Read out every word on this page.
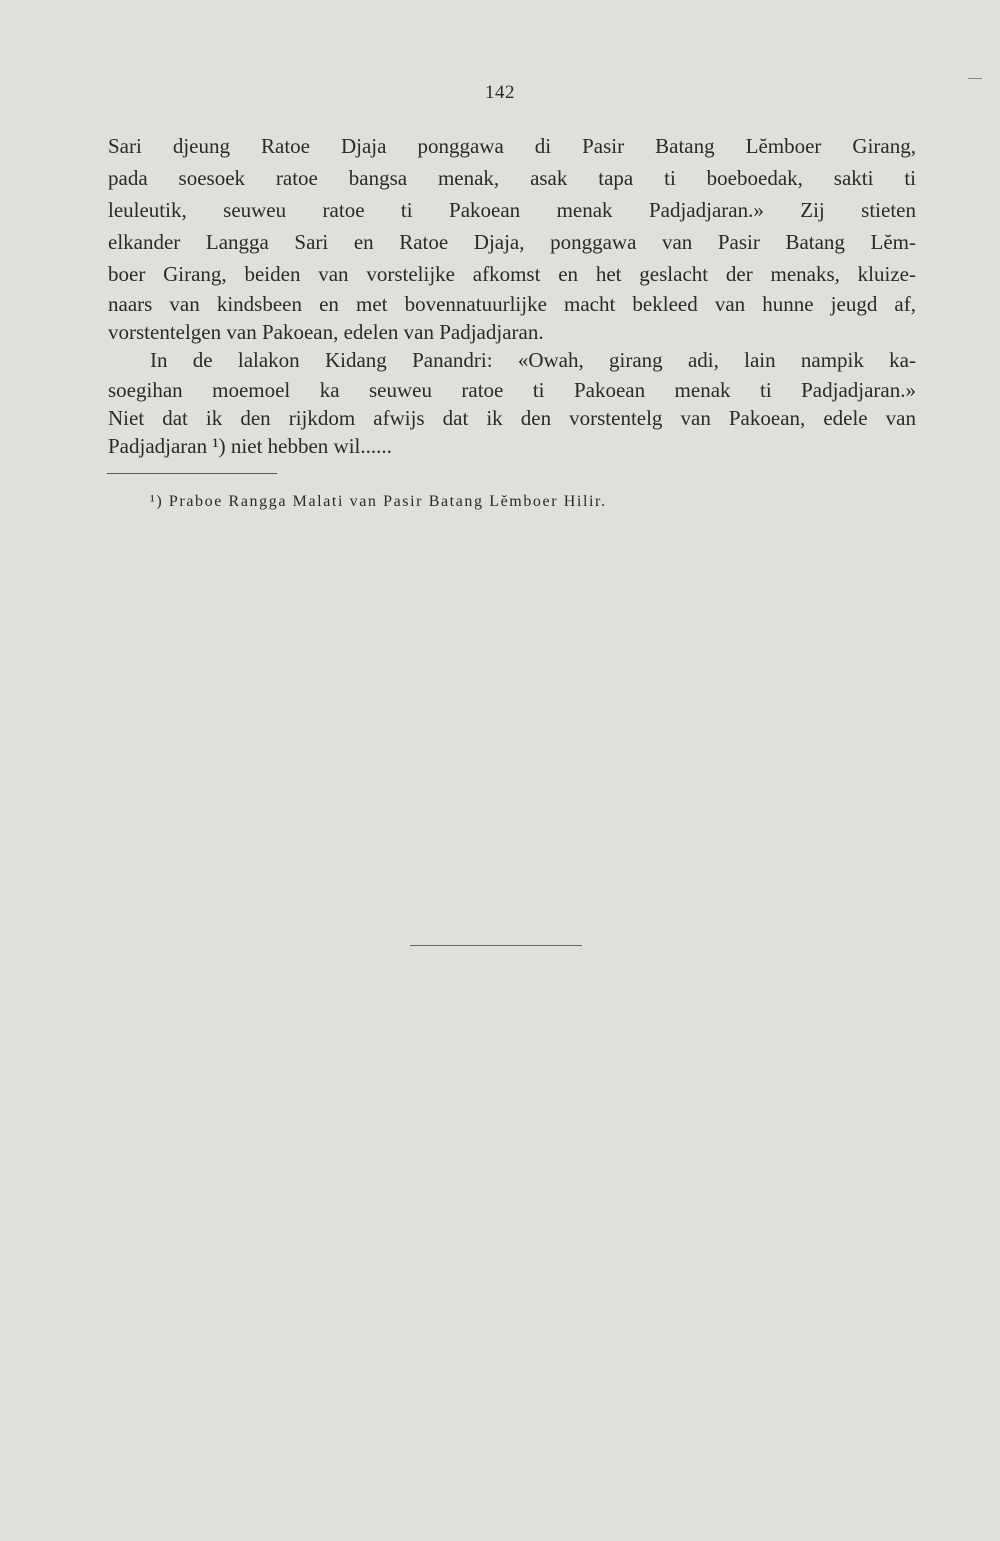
142
Sari djeung Ratoe Djaja ponggawa di Pasir Batang Lĕmboer Girang,
pada soesoek ratoe bangsa menak, asak tapa ti boeboedak, sakti ti
leuleutik, seuweu ratoe ti Pakoean menak Padjadjaran.» Zij stieten
elkander Langga Sari en Ratoe Djaja, ponggawa van Pasir Batang Lĕm-
boer Girang, beiden van vorstelijke afkomst en het geslacht der menaks, kluize-
naars van kindsbeen en met bovennatuurlijke macht bekleed van hunne jeugd af,
vorstentelgen van Pakoean, edelen van Padjadjaran.
In de lalakon Kidang Panandri: «Owah, girang adi, lain nampik ka-
soegihan moemoel ka seuweu ratoe ti Pakoean menak ti Padjadjaran.»
Niet dat ik den rijkdom afwijs dat ik den vorstentelg van Pakoean, edele van
Padjadjaran ¹) niet hebben wil......
¹) Praboe Rangga Malati van Pasir Batang Lĕmboer Hilir.
